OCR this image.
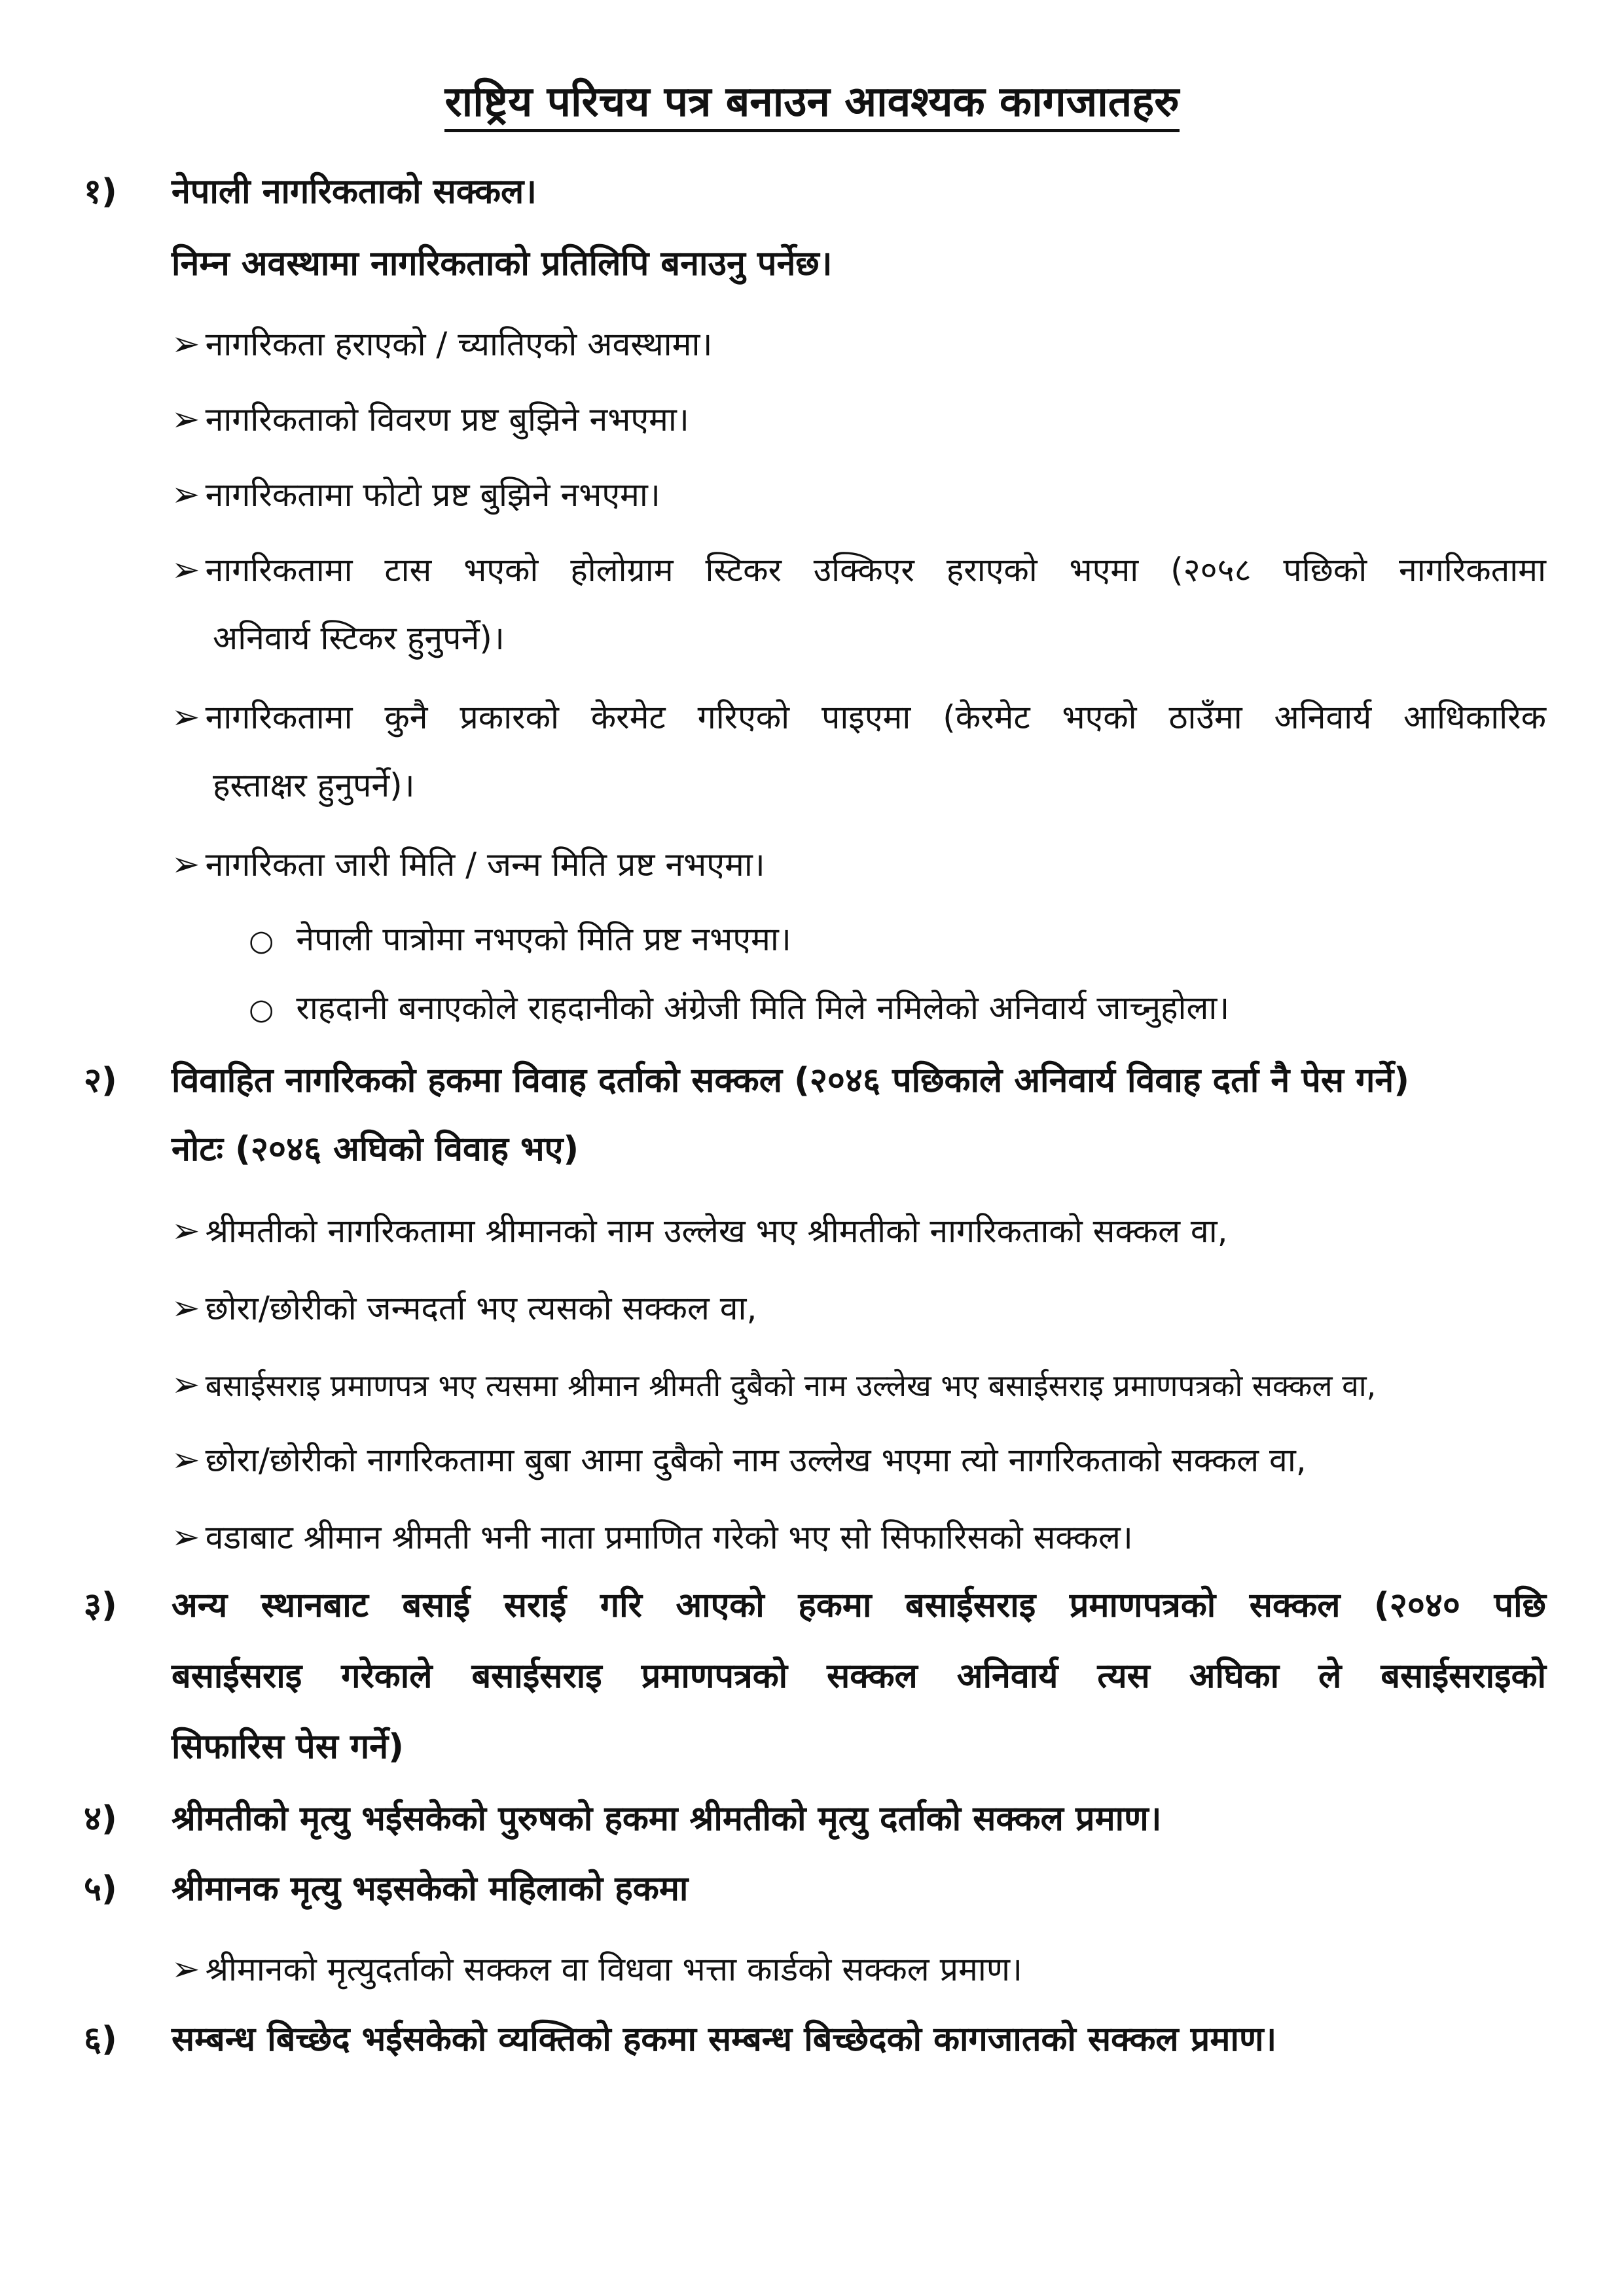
राष्ट्रिय परिचय पत्र बनाउन आवश्यक कागजातहरु
१) नेपाली नागरिकताको सक्कल।
निम्न अवस्थामा नागरिकताको प्रतिलिपि बनाउनु पर्नेछ।
➢ नागरिकता हराएको / च्यातिएको अवस्थामा।
➢ नागरिकताको विवरण प्रष्ट बुझिने नभएमा।
➢ नागरिकतामा फोटो प्रष्ट बुझिने नभएमा।
➢ नागरिकतामा टास भएको होलोग्राम स्टिकर उक्किएर हराएको भएमा (२०५८ पछिको नागरिकतामा
अनिवार्य स्टिकर हुनुपर्ने)।
➢ नागरिकतामा कुनै प्रकारको केरमेट गरिएको पाइएमा (केरमेट भएको ठाउँमा अनिवार्य आधिकारिक
हस्ताक्षर हुनुपर्ने)।
➢ नागरिकता जारी मिति / जन्म मिति प्रष्ट नभएमा।
○ नेपाली पात्रोमा नभएको मिति प्रष्ट नभएमा।
○ राहदानी बनाएकोले राहदानीको अंग्रेजी मिति मिले नमिलेको अनिवार्य जाच्नुहोला।
२) विवाहित नागरिकको हकमा विवाह दर्ताको सक्कल (२०४६ पछिकाले अनिवार्य विवाह दर्ता नै पेस गर्ने)
नोटः (२०४६ अघिको विवाह भए)
➢ श्रीमतीको नागरिकतामा श्रीमानको नाम उल्लेख भए श्रीमतीको नागरिकताको सक्कल वा,
➢ छोरा/छोरीको जन्मदर्ता भए त्यसको सक्कल वा,
➢ बसाईसराइ प्रमाणपत्र भए त्यसमा श्रीमान श्रीमती दुबैको नाम उल्लेख भए बसाईसराइ प्रमाणपत्रको सक्कल वा,
➢ छोरा/छोरीको नागरिकतामा बुबा आमा दुबैको नाम उल्लेख भएमा त्यो नागरिकताको सक्कल वा,
➢ वडाबाट श्रीमान श्रीमती भनी नाता प्रमाणित गरेको भए सो सिफारिसको सक्कल।
३) अन्य स्थानबाट बसाई सराई गरि आएको हकमा बसाईसराइ प्रमाणपत्रको सक्कल (२०४० पछि
बसाईसराइ गरेकाले बसाईसराइ प्रमाणपत्रको सक्कल अनिवार्य त्यस अघिका ले बसाईसराइको
सिफारिस पेस गर्ने)
४) श्रीमतीको मृत्यु भईसकेको पुरुषको हकमा श्रीमतीको मृत्यु दर्ताको सक्कल प्रमाण।
५) श्रीमानक मृत्यु भइसकेको महिलाको हकमा
➢ श्रीमानको मृत्युदर्ताको सक्कल वा विधवा भत्ता कार्डको सक्कल प्रमाण।
६) सम्बन्ध बिच्छेद भईसकेको व्यक्तिको हकमा सम्बन्ध बिच्छेदको कागजातको सक्कल प्रमाण।
